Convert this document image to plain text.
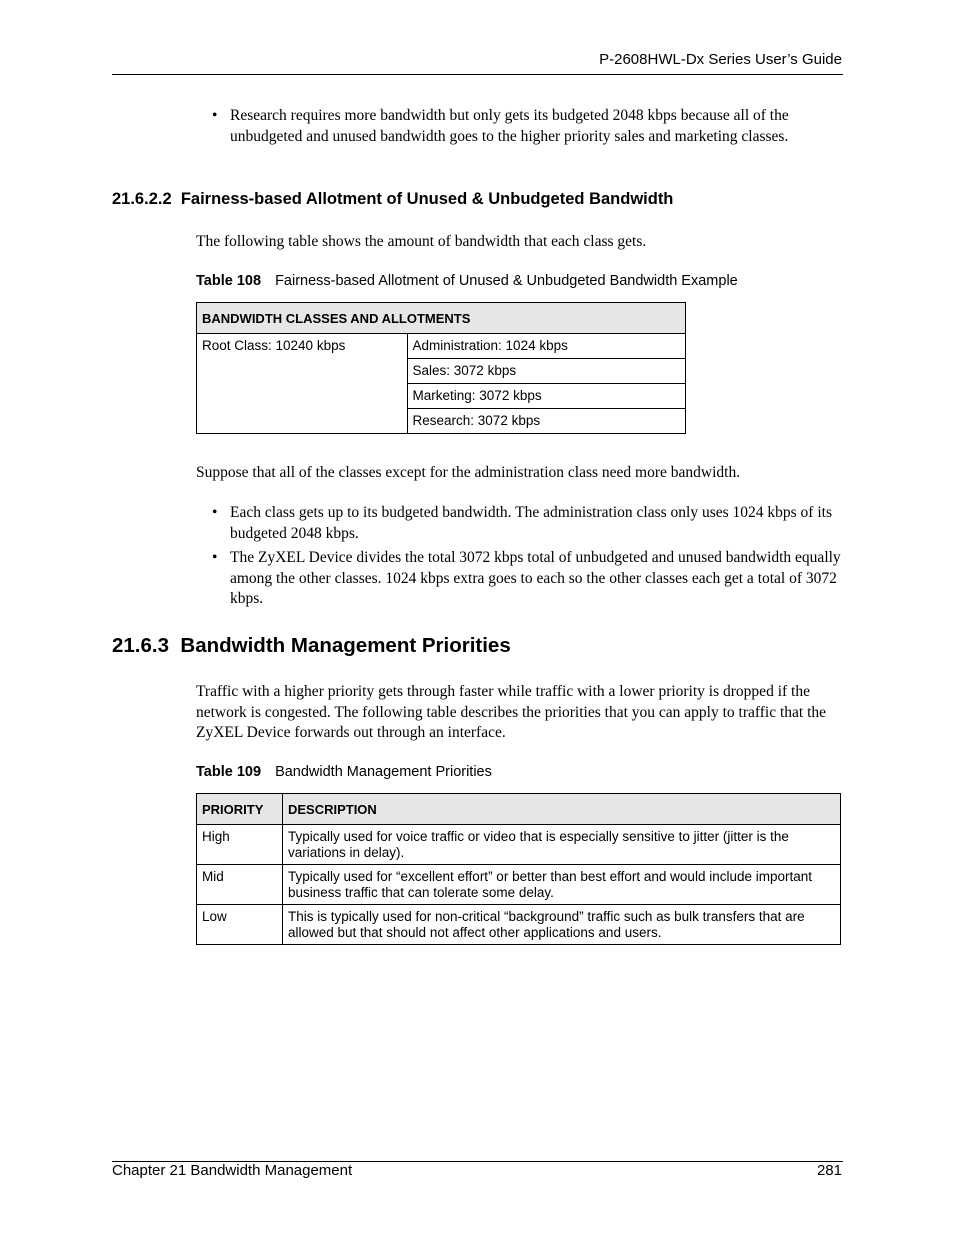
P-2608HWL-Dx Series User’s Guide
• Research requires more bandwidth but only gets its budgeted 2048 kbps because all of the unbudgeted and unused bandwidth goes to the higher priority sales and marketing classes.
21.6.2.2 Fairness-based Allotment of Unused & Unbudgeted Bandwidth
The following table shows the amount of bandwidth that each class gets.
Table 108 Fairness-based Allotment of Unused & Unbudgeted Bandwidth Example
BANDWIDTH CLASSES AND ALLOTMENTS
Root Class: 10240 kbps	Administration: 1024 kbps
Sales: 3072 kbps
Marketing: 3072 kbps
Research: 3072 kbps
Suppose that all of the classes except for the administration class need more bandwidth.
• Each class gets up to its budgeted bandwidth. The administration class only uses 1024 kbps of its budgeted 2048 kbps.
• The ZyXEL Device divides the total 3072 kbps total of unbudgeted and unused bandwidth equally among the other classes. 1024 kbps extra goes to each so the other classes each get a total of 3072 kbps.
21.6.3 Bandwidth Management Priorities
Traffic with a higher priority gets through faster while traffic with a lower priority is dropped if the network is congested. The following table describes the priorities that you can apply to traffic that the ZyXEL Device forwards out through an interface.
Table 109 Bandwidth Management Priorities
PRIORITY	DESCRIPTION
High	Typically used for voice traffic or video that is especially sensitive to jitter (jitter is the variations in delay).
Mid	Typically used for “excellent effort” or better than best effort and would include important business traffic that can tolerate some delay.
Low	This is typically used for non-critical “background” traffic such as bulk transfers that are allowed but that should not affect other applications and users.
Chapter 21 Bandwidth Management	281
